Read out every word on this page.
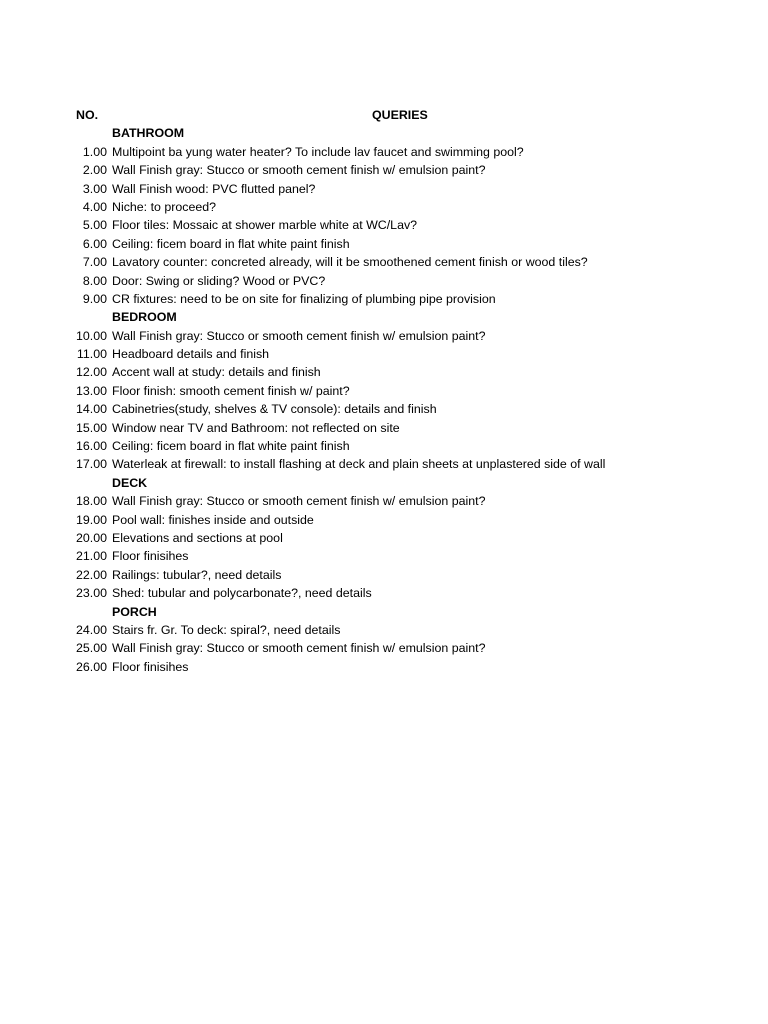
NO.	QUERIES
BATHROOM
1.00 Multipoint ba yung water heater? To include lav faucet and swimming pool?
2.00 Wall Finish gray: Stucco or smooth cement finish w/ emulsion paint?
3.00 Wall Finish wood: PVC flutted panel?
4.00 Niche: to proceed?
5.00 Floor tiles: Mossaic at shower marble white at WC/Lav?
6.00 Ceiling: ficem board in flat white paint finish
7.00 Lavatory counter: concreted already, will it be smoothened cement finish or wood tiles?
8.00 Door: Swing or sliding? Wood or PVC?
9.00 CR fixtures: need to be on site for finalizing of plumbing pipe provision
BEDROOM
10.00 Wall Finish gray: Stucco or smooth cement finish w/ emulsion paint?
11.00 Headboard details and finish
12.00 Accent wall at study: details and finish
13.00 Floor finish: smooth cement finish w/ paint?
14.00 Cabinetries(study, shelves & TV console): details and finish
15.00 Window near TV and Bathroom: not reflected on site
16.00 Ceiling: ficem board in flat white paint finish
17.00 Waterleak at firewall: to install flashing at deck and plain sheets at unplastered side of wall
DECK
18.00 Wall Finish gray: Stucco or smooth cement finish w/ emulsion paint?
19.00 Pool wall: finishes inside and outside
20.00 Elevations and sections at pool
21.00 Floor finisihes
22.00 Railings: tubular?, need details
23.00 Shed: tubular and polycarbonate?, need details
PORCH
24.00 Stairs fr. Gr. To deck: spiral?, need details
25.00 Wall Finish gray: Stucco or smooth cement finish w/ emulsion paint?
26.00 Floor finisihes
